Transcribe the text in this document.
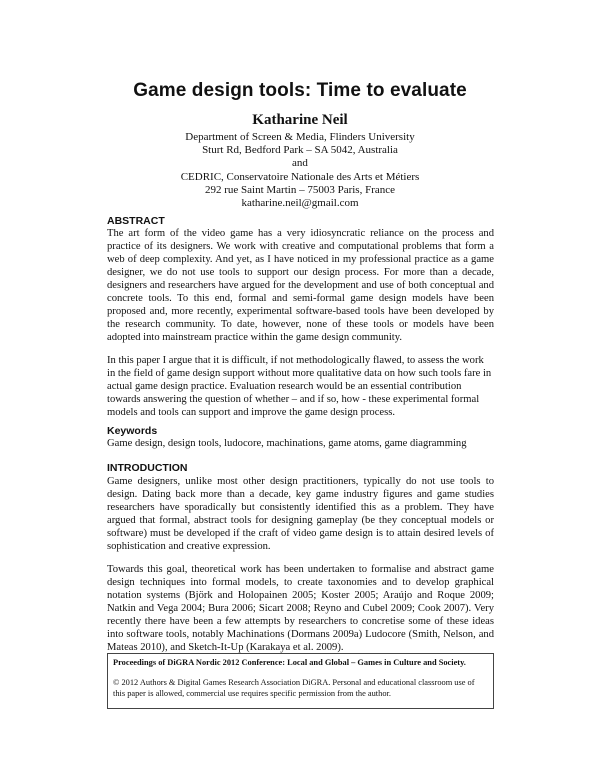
Game design tools: Time to evaluate
Katharine Neil
Department of Screen & Media, Flinders University
Sturt Rd, Bedford Park – SA 5042, Australia
and
CEDRIC, Conservatoire Nationale des Arts et Métiers
292 rue Saint Martin – 75003 Paris, France
katharine.neil@gmail.com
ABSTRACT

The art form of the video game has a very idiosyncratic reliance on the process and practice of its designers. We work with creative and computational problems that form a web of deep complexity. And yet, as I have noticed in my professional practice as a game designer, we do not use tools to support our design process. For more than a decade, designers and researchers have argued for the development and use of both conceptual and concrete tools. To this end, formal and semi-formal game design models have been proposed and, more recently, experimental software-based tools have been developed by the research community. To date, however, none of these tools or models have been adopted into mainstream practice within the game design community.

In this paper I argue that it is difficult, if not methodologically flawed, to assess the work in the field of game design support without more qualitative data on how such tools fare in actual game design practice. Evaluation research would be an essential contribution towards answering the question of whether – and if so, how - these experimental formal models and tools can support and improve the game design process.

Keywords

Game design, design tools, ludocore, machinations, game atoms, game diagramming

INTRODUCTION

Game designers, unlike most other design practitioners, typically do not use tools to design. Dating back more than a decade, key game industry figures and game studies researchers have sporadically but consistently identified this as a problem. They have argued that formal, abstract tools for designing gameplay (be they conceptual models or software) must be developed if the craft of video game design is to attain desired levels of sophistication and creative expression.

Towards this goal, theoretical work has been undertaken to formalise and abstract game design techniques into formal models, to create taxonomies and to develop graphical notation systems (Björk and Holopainen 2005; Koster 2005; Araújo and Roque 2009; Natkin and Vega 2004; Bura 2006; Sicart 2008; Reyno and Cubel 2009; Cook 2007). Very recently there have been a few attempts by researchers to concretise some of these ideas into software tools, notably Machinations (Dormans 2009a) Ludocore (Smith, Nelson, and Mateas 2010), and Sketch-It-Up (Karakaya et al. 2009).

Proceedings of DiGRA Nordic 2012 Conference: Local and Global – Games in Culture and Society.
© 2012 Authors & Digital Games Research Association DiGRA. Personal and educational classroom use of this paper is allowed, commercial use requires specific permission from the author.
